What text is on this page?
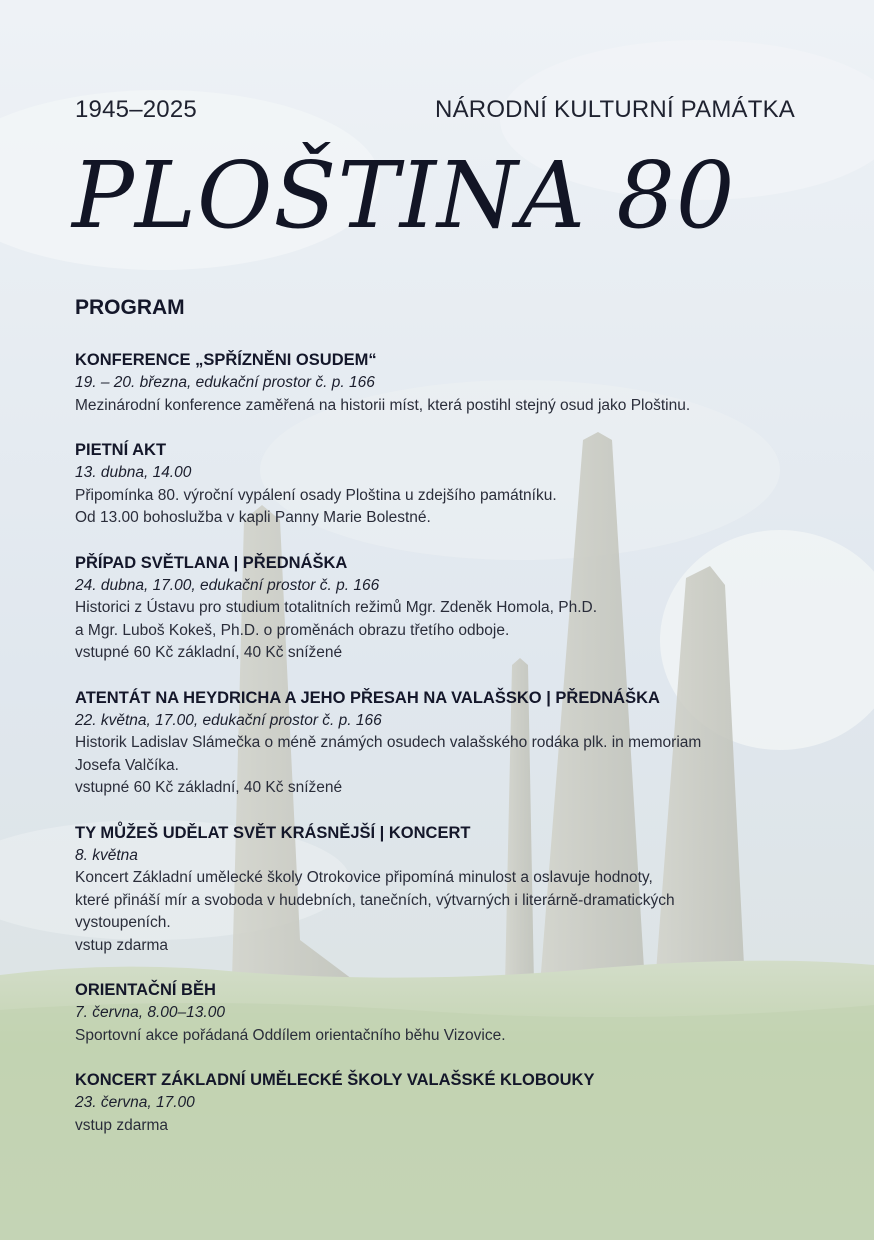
1945–2025	NÁRODNÍ KULTURNÍ PAMÁTKA
PLOŠTINA 80
PROGRAM
KONFERENCE „SPŘÍZNĚNI OSUDEM“
19. – 20. března, edukační prostor č. p. 166
Mezinárodní konference zaměřená na historii míst, která postihl stejný osud jako Ploštinu.
PIETNÍ AKT
13. dubna, 14.00
Připomínka 80. výroční vypálení osady Ploština u zdejšího památníku.
Od 13.00 bohoslužba v kapli Panny Marie Bolestné.
PŘÍPAD SVĚTLANA | PŘEDNÁŠKA
24. dubna, 17.00, edukační prostor č. p. 166
Historici z Ústavu pro studium totalitních režimů Mgr. Zdeněk Homola, Ph.D.
a Mgr. Luboš Kokeš, Ph.D. o proměnách obrazu třetího odboje.
vstupné 60 Kč základní, 40 Kč snížené
ATENTÁT NA HEYDRICHA A JEHO PŘESAH NA VALAŠSKO | PŘEDNÁŠKA
22. května, 17.00, edukační prostor č. p. 166
Historik Ladislav Slámečka o méně známých osudech valašského rodáka plk. in memoriam
Josefa Valčíka.
vstupné 60 Kč základní, 40 Kč snížené
TY MŮŽEŠ UDĚLAT SVĚT KRÁSNĚJŠÍ | KONCERT
8. května
Koncert Základní umělecké školy Otrokovice připomíná minulost a oslavuje hodnoty,
které přináší mír a svoboda v hudebních, tanečních, výtvarných i literárně-dramatických
vystoupeních.
vstup zdarma
ORIENTAČNÍ BĚH
7. června, 8.00–13.00
Sportovní akce pořádaná Oddílem orientačního běhu Vizovice.
KONCERT ZÁKLADNÍ UMĚLECKÉ ŠKOLY VALAŠSKÉ KLOBOUKY
23. června, 17.00
vstup zdarma
